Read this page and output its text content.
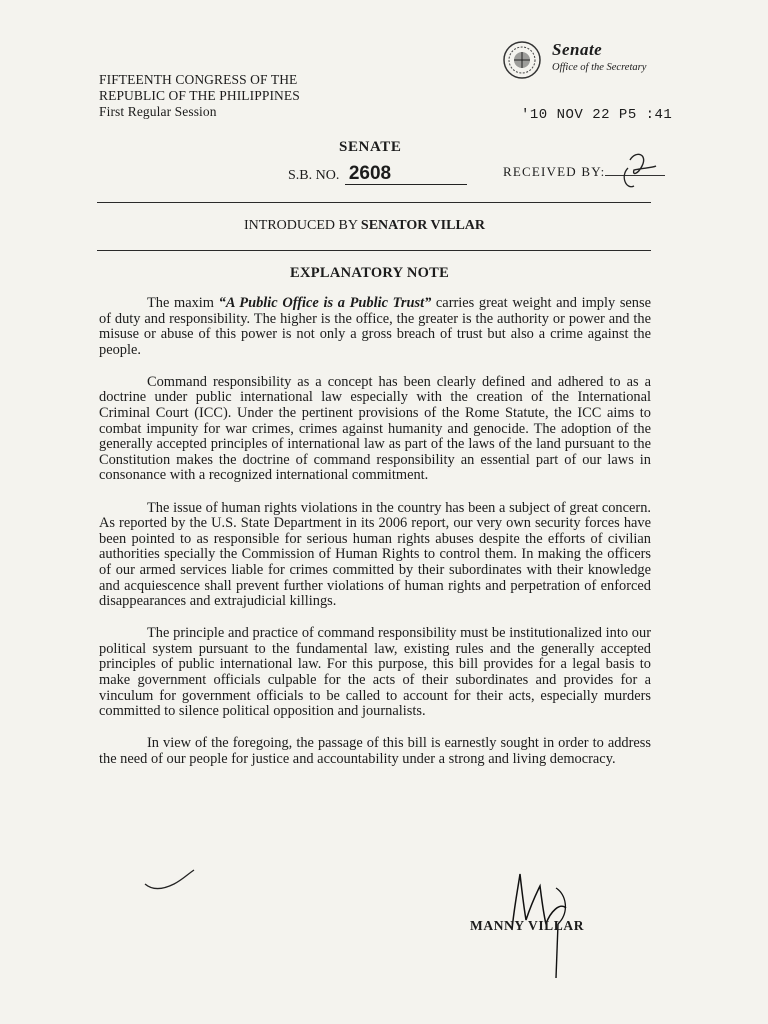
FIFTEENTH CONGRESS OF THE
REPUBLIC OF THE PHILIPPINES
First Regular Session
Senate
Office of the Secretary
'10 NOV 22 P5 :41
SENATE
S.B. NO. 2608	RECEIVED BY:
INTRODUCED BY SENATOR VILLAR
EXPLANATORY NOTE

The maxim “A Public Office is a Public Trust” carries great weight and imply sense of duty and responsibility. The higher is the office, the greater is the authority or power and the misuse or abuse of this power is not only a gross breach of trust but also a crime against the people.

Command responsibility as a concept has been clearly defined and adhered to as a doctrine under public international law especially with the creation of the International Criminal Court (ICC). Under the pertinent provisions of the Rome Statute, the ICC aims to combat impunity for war crimes, crimes against humanity and genocide. The adoption of the generally accepted principles of international law as part of the laws of the land pursuant to the Constitution makes the doctrine of command responsibility an essential part of our laws in consonance with a recognized international commitment.

The issue of human rights violations in the country has been a subject of great concern. As reported by the U.S. State Department in its 2006 report, our very own security forces have been pointed to as responsible for serious human rights abuses despite the efforts of civilian authorities specially the Commission of Human Rights to control them. In making the officers of our armed services liable for crimes committed by their subordinates with their knowledge and acquiescence shall prevent further violations of human rights and perpetration of enforced disappearances and extrajudicial killings.

The principle and practice of command responsibility must be institutionalized into our political system pursuant to the fundamental law, existing rules and the generally accepted principles of public international law. For this purpose, this bill provides for a legal basis to make government officials culpable for the acts of their subordinates and provides for a vinculum for government officials to be called to account for their acts, especially murders committed to silence political opposition and journalists.

In view of the foregoing, the passage of this bill is earnestly sought in order to address the need of our people for justice and accountability under a strong and living democracy.

MANNY VILLAR
